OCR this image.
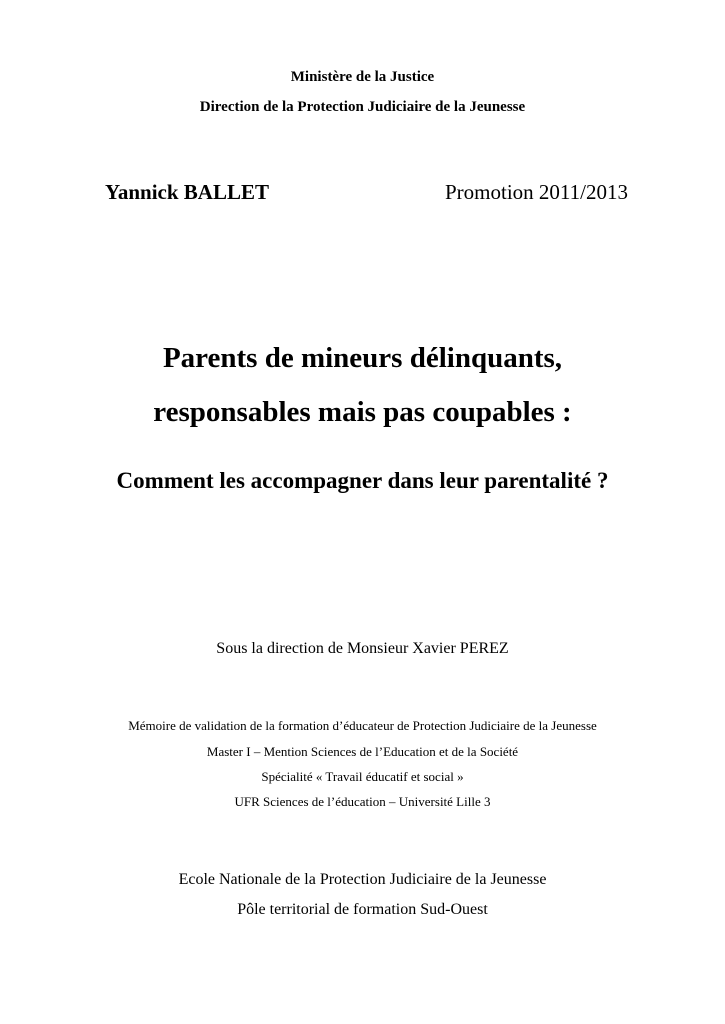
Ministère de la Justice
Direction de la Protection Judiciaire de la Jeunesse
Yannick BALLET	Promotion 2011/2013
Parents de mineurs délinquants,
responsables mais pas coupables :
Comment les accompagner dans leur parentalité ?
Sous la direction de Monsieur Xavier PEREZ
Mémoire de validation de la formation d’éducateur de Protection Judiciaire de la Jeunesse
Master I – Mention Sciences de l’Education et de la Société
Spécialité « Travail éducatif et social »
UFR Sciences de l’éducation – Université Lille 3
Ecole Nationale de la Protection Judiciaire de la Jeunesse
Pôle territorial de formation Sud-Ouest
